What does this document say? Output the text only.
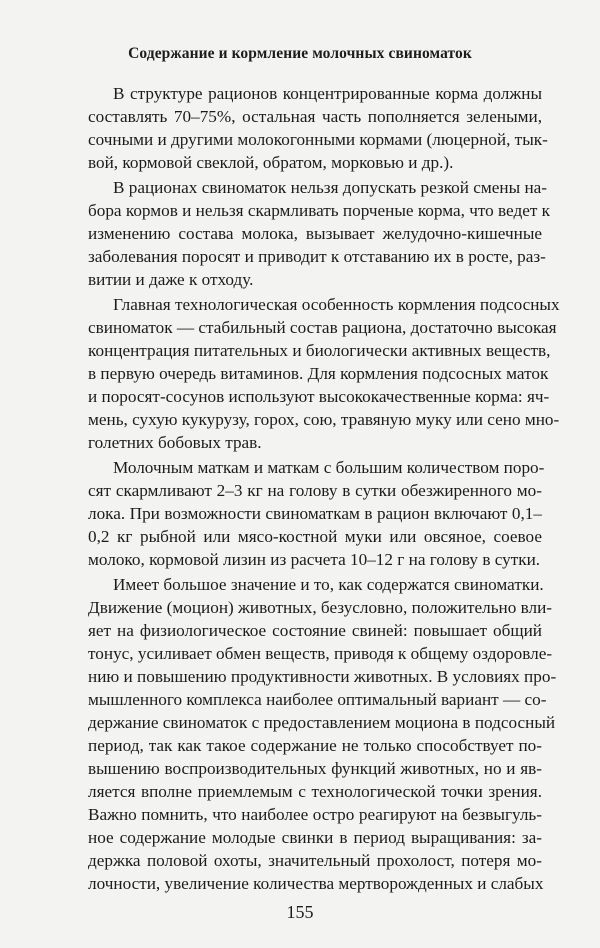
Содержание и кормление молочных свиноматок
В структуре рационов концентрированные корма должны
составлять 70–75%, остальная часть пополняется зелеными,
сочными и другими молокогонными кормами (люцерной, тык-
вой, кормовой свеклой, обратом, морковью и др.).
В рационах свиноматок нельзя допускать резкой смены на-
бора кормов и нельзя скармливать порченые корма, что ведет к
изменению состава молока, вызывает желудочно-кишечные
заболевания поросят и приводит к отставанию их в росте, раз-
витии и даже к отходу.
Главная технологическая особенность кормления подсосных
свиноматок — стабильный состав рациона, достаточно высокая
концентрация питательных и биологически активных веществ,
в первую очередь витаминов. Для кормления подсосных маток
и поросят-сосунов используют высококачественные корма: яч-
мень, сухую кукурузу, горох, сою, травяную муку или сено мно-
голетних бобовых трав.
Молочным маткам и маткам с большим количеством поро-
сят скармливают 2–3 кг на голову в сутки обезжиренного мо-
лока. При возможности свиноматкам в рацион включают 0,1–
0,2 кг рыбной или мясо-костной муки или овсяное, соевое
молоко, кормовой лизин из расчета 10–12 г на голову в сутки.
Имеет большое значение и то, как содержатся свиноматки.
Движение (моцион) животных, безусловно, положительно вли-
яет на физиологическое состояние свиней: повышает общий
тонус, усиливает обмен веществ, приводя к общему оздоровле-
нию и повышению продуктивности животных. В условиях про-
мышленного комплекса наиболее оптимальный вариант — со-
держание свиноматок с предоставлением моциона в подсосный
период, так как такое содержание не только способствует по-
вышению воспроизводительных функций животных, но и яв-
ляется вполне приемлемым с технологической точки зрения.
Важно помнить, что наиболее остро реагируют на безвыгуль-
ное содержание молодые свинки в период выращивания: за-
держка половой охоты, значительный прохолост, потеря мо-
лочности, увеличение количества мертворожденных и слабых
155
